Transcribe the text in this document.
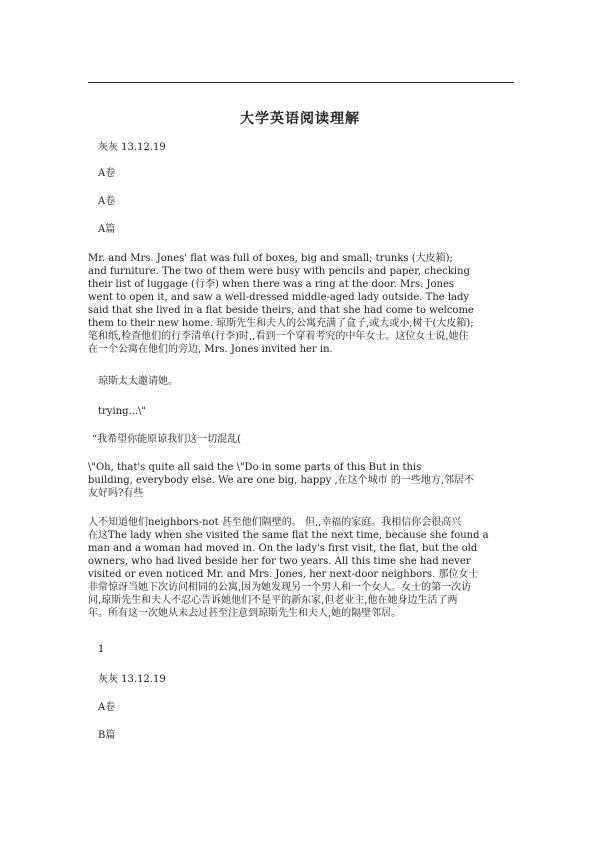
大学英语阅读理解
灰灰 13.12.19
A卷
A卷
A篇
Mr. and Mrs. Jones' flat was full of boxes, big and small; trunks (大皮箱);
and furniture. The two of them were busy with pencils and paper, checking
their list of luggage (行李) when there was a ring at the door. Mrs. Jones
went to open it, and saw a well-dressed middle-aged lady outside. The lady
said that she lived in a flat beside theirs, and that she had come to welcome
them to their new home. 琼斯先生和夫人的公寓充满了盒子,或大或小,树干(大皮箱);
笔和纸,检查他们的行李清单(行李)时,,看到一个穿着考究的中年女士。这位女士说,她住
在一个公寓在他们的旁边, Mrs. Jones invited her in.
琼斯太太邀请她。
trying...\"
“我希望你能原谅我们这一切混乱(
\"Oh, that's quite all said the \"Do in some parts of this But in this
building, everybody else. We are one big, happy ,在这个城市 的一些地方,邻居不
友好吗?有些
人不知道他们neighbors-not 甚至他们隔壁的。 但,,幸福的家庭。我相信你会很高兴
在这The lady when she visited the same flat the next time, because she found a
man and a woman had moved in. On the lady's first visit, the flat, but the old
owners, who had lived beside her for two years. All this time she had never
visited or even noticed Mr. and Mrs. Jones, her next-door neighbors. 那位女士
非常惊讶当她下次访问相同的公寓,因为她发现另一个男人和一个女人。女士的第一次访
问,琼斯先生和夫人不忍心告诉她他们不是平的新东家,但老业主,他在她身边生活了两
年。所有这一次她从未去过甚至注意到琼斯先生和夫人,她的隔壁邻居。
1
灰灰 13.12.19
A卷
B篇
